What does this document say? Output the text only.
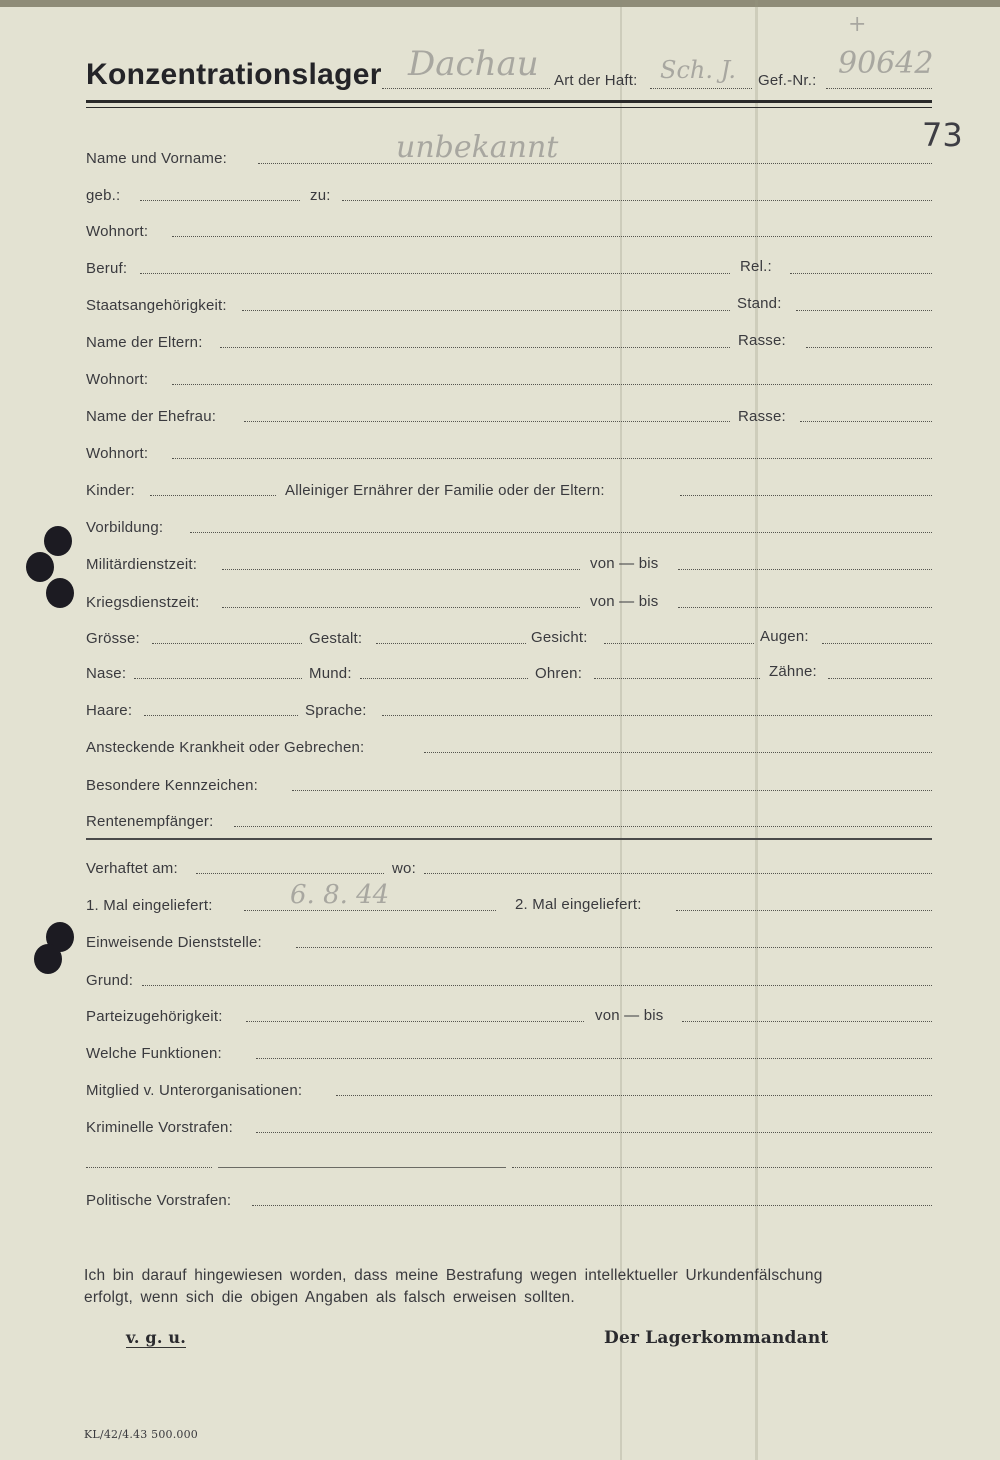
Konzentrationslager Dachau Art der Haft: Sch. J. Gef.-Nr.: 90642
+
73
Name und Vorname:	unbekannt
geb.:	zu:
Wohnort:
Beruf:	Rel.:
Staatsangehörigkeit:	Stand:
Name der Eltern:	Rasse:
Wohnort:
Name der Ehefrau:	Rasse:
Wohnort:
Kinder:	Alleiniger Ernährer der Familie oder der Eltern:
Vorbildung:
Militärdienstzeit:	von — bis
Kriegsdienstzeit:	von — bis
Grösse:	Gestalt:	Gesicht:	Augen:
Nase:	Mund:	Ohren:	Zähne:
Haare:	Sprache:
Ansteckende Krankheit oder Gebrechen:
Besondere Kennzeichen:
Rentenempfänger:
Verhaftet am:	wo:
1. Mal eingeliefert:	6. 8. 44	2. Mal eingeliefert:
Einweisende Dienststelle:
Grund:
Parteizugehörigkeit:	von — bis
Welche Funktionen:
Mitglied v. Unterorganisationen:
Kriminelle Vorstrafen:
Politische Vorstrafen:
Ich bin darauf hingewiesen worden, dass meine Bestrafung wegen intellektueller Urkundenfälschung
erfolgt, wenn sich die obigen Angaben als falsch erweisen sollten.
v. g. u.	Der Lagerkommandant
KL/42/4.43 500.000
